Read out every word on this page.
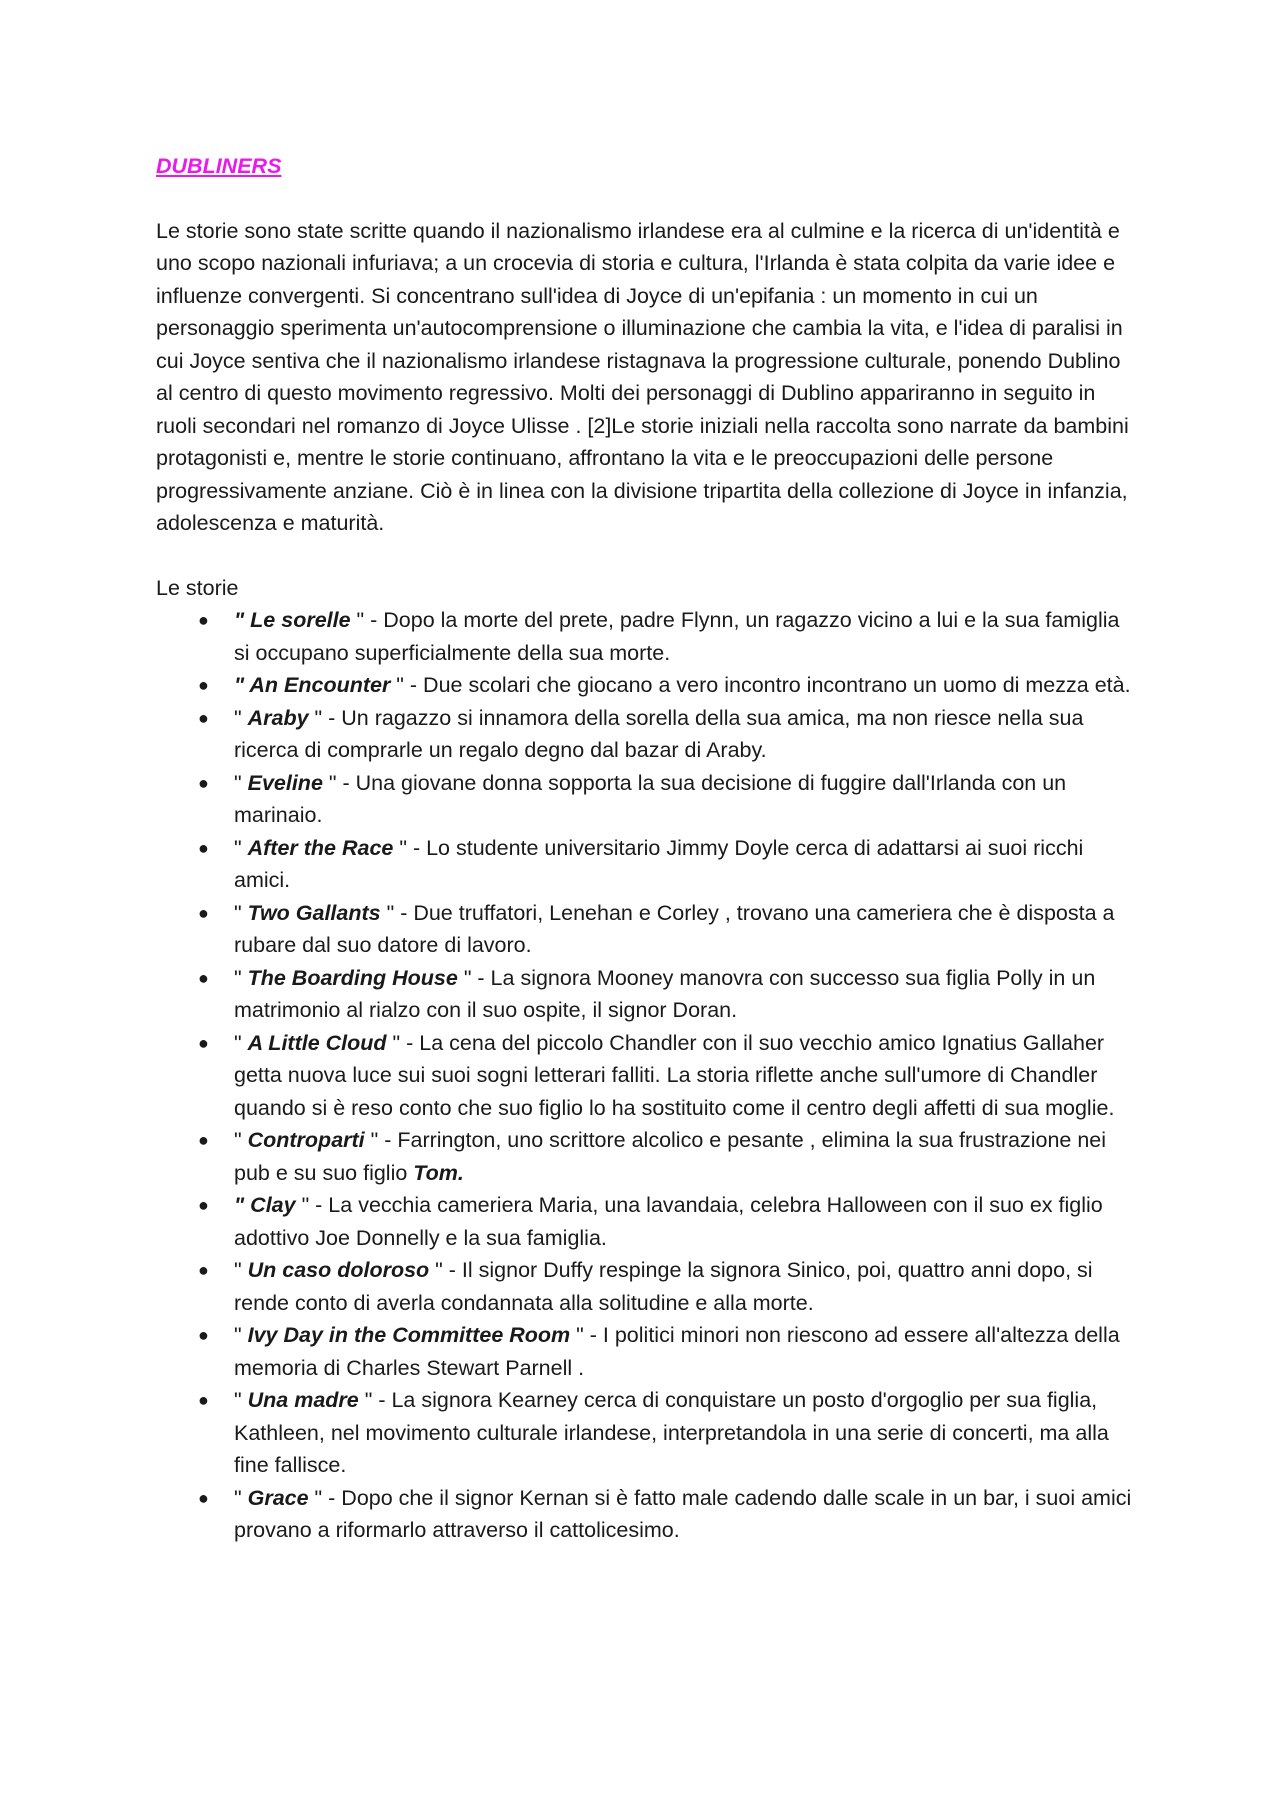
DUBLINERS
Le storie sono state scritte quando il nazionalismo irlandese era al culmine e la ricerca di un'identità e uno scopo nazionali infuriava; a un crocevia di storia e cultura, l'Irlanda è stata colpita da varie idee e influenze convergenti. Si concentrano sull'idea di Joyce di un'epifania : un momento in cui un personaggio sperimenta un'autocomprensione o illuminazione che cambia la vita, e l'idea di paralisi in cui Joyce sentiva che il nazionalismo irlandese ristagnava la progressione culturale, ponendo Dublino al centro di questo movimento regressivo. Molti dei personaggi di Dublino appariranno in seguito in ruoli secondari nel romanzo di Joyce Ulisse . [2]Le storie iniziali nella raccolta sono narrate da bambini protagonisti e, mentre le storie continuano, affrontano la vita e le preoccupazioni delle persone progressivamente anziane. Ciò è in linea con la divisione tripartita della collezione di Joyce in infanzia, adolescenza e maturità.
Le storie
● " Le sorelle " - Dopo la morte del prete, padre Flynn, un ragazzo vicino a lui e la sua famiglia si occupano superficialmente della sua morte.
● " An Encounter " - Due scolari che giocano a vero incontro incontrano un uomo di mezza età.
● " Araby " - Un ragazzo si innamora della sorella della sua amica, ma non riesce nella sua ricerca di comprarle un regalo degno dal bazar di Araby.
● " Eveline " - Una giovane donna sopporta la sua decisione di fuggire dall'Irlanda con un marinaio.
● " After the Race " - Lo studente universitario Jimmy Doyle cerca di adattarsi ai suoi ricchi amici.
● " Two Gallants " - Due truffatori, Lenehan e Corley , trovano una cameriera che è disposta a rubare dal suo datore di lavoro.
● " The Boarding House " - La signora Mooney manovra con successo sua figlia Polly in un matrimonio al rialzo con il suo ospite, il signor Doran.
● " A Little Cloud " - La cena del piccolo Chandler con il suo vecchio amico Ignatius Gallaher getta nuova luce sui suoi sogni letterari falliti. La storia riflette anche sull'umore di Chandler quando si è reso conto che suo figlio lo ha sostituito come il centro degli affetti di sua moglie.
● " Controparti " - Farrington, uno scrittore alcolico e pesante , elimina la sua frustrazione nei pub e su suo figlio Tom.
● " Clay " - La vecchia cameriera Maria, una lavandaia, celebra Halloween con il suo ex figlio adottivo Joe Donnelly e la sua famiglia.
● " Un caso doloroso " - Il signor Duffy respinge la signora Sinico, poi, quattro anni dopo, si rende conto di averla condannata alla solitudine e alla morte.
● " Ivy Day in the Committee Room " - I politici minori non riescono ad essere all'altezza della memoria di Charles Stewart Parnell .
● " Una madre " - La signora Kearney cerca di conquistare un posto d'orgoglio per sua figlia, Kathleen, nel movimento culturale irlandese, interpretandola in una serie di concerti, ma alla fine fallisce.
● " Grace " - Dopo che il signor Kernan si è fatto male cadendo dalle scale in un bar, i suoi amici provano a riformarlo attraverso il cattolicesimo.
